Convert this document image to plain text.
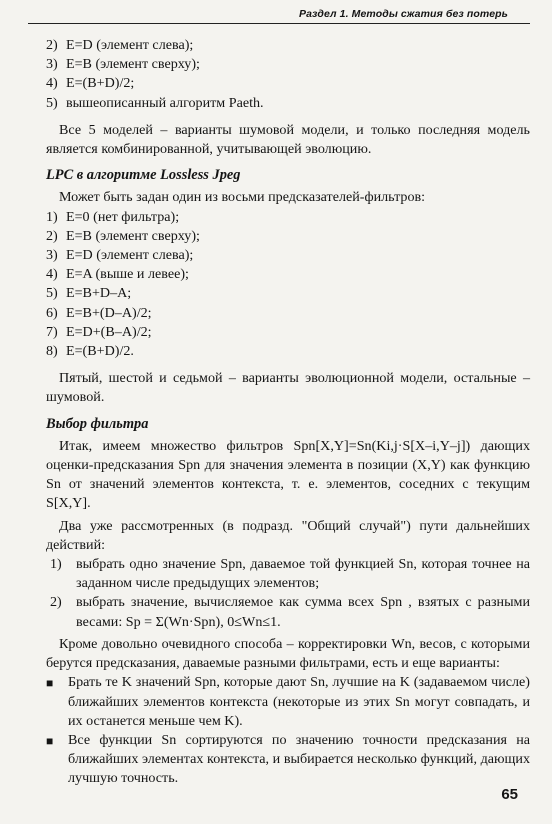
Раздел 1. Методы сжатия без потерь
2) E=D (элемент слева);
3) E=B (элемент сверху);
4) E=(B+D)/2;
5) вышеописанный алгоритм Paeth.

Все 5 моделей – варианты шумовой модели, и только последняя модель является комбинированной, учитывающей эволюцию.

LPC в алгоритме Lossless Jpeg

Может быть задан один из восьми предсказателей-фильтров:

1) E=0 (нет фильтра);
2) E=B (элемент сверху);
3) E=D (элемент слева);
4) E=A (выше и левее);
5) E=B+D–A;
6) E=B+(D–A)/2;
7) E=D+(B–A)/2;
8) E=(B+D)/2.

Пятый, шестой и седьмой – варианты эволюционной модели, остальные – шумовой.

Выбор фильтра

Итак, имеем множество фильтров Spn[X,Y]=Sn(Ki,j·S[X–i,Y–j]) дающих оценки-предсказания Spn для значения элемента в позиции (X,Y) как функцию Sn от значений элементов контекста, т. е. элементов, соседних с текущим S[X,Y].

Два уже рассмотренных (в подразд. "Общий случай") пути дальнейших действий:

1)	выбрать одно значение Spn, даваемое той функцией Sn, которая точнее на заданном числе предыдущих элементов;
2)	выбрать значение, вычисляемое как сумма всех Spn , взятых с разными весами: Sp = Σ(Wn·Spn), 0≤Wn≤1.

Кроме довольно очевидного способа – корректировки Wn, весов, с которыми берутся предсказания, даваемые разными фильтрами, есть и еще варианты:

■	Брать те K значений Spn, которые дают Sn, лучшие на K (задаваемом числе) ближайших элементов контекста (некоторые из этих Sn могут совпадать, и их останется меньше чем K).
■	Все функции Sn сортируются по значению точности предсказания на ближайших элементах контекста, и выбирается несколько функций, дающих лучшую точность.
65
